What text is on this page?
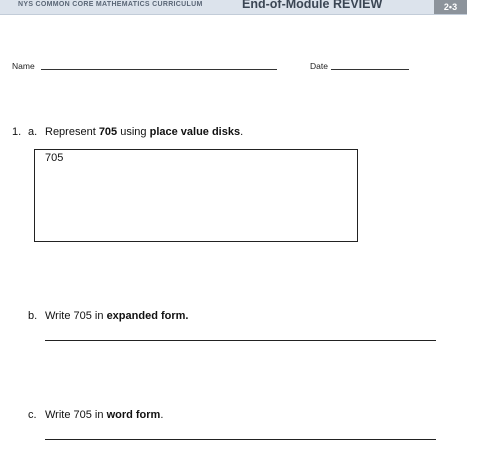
NYS COMMON CORE MATHEMATICS CURRICULUM	End-of-Module REVIEW	2•3
Name	Date
1. a. Represent 705 using place value disks.
705
b. Write 705 in expanded form.
c. Write 705 in word form.
